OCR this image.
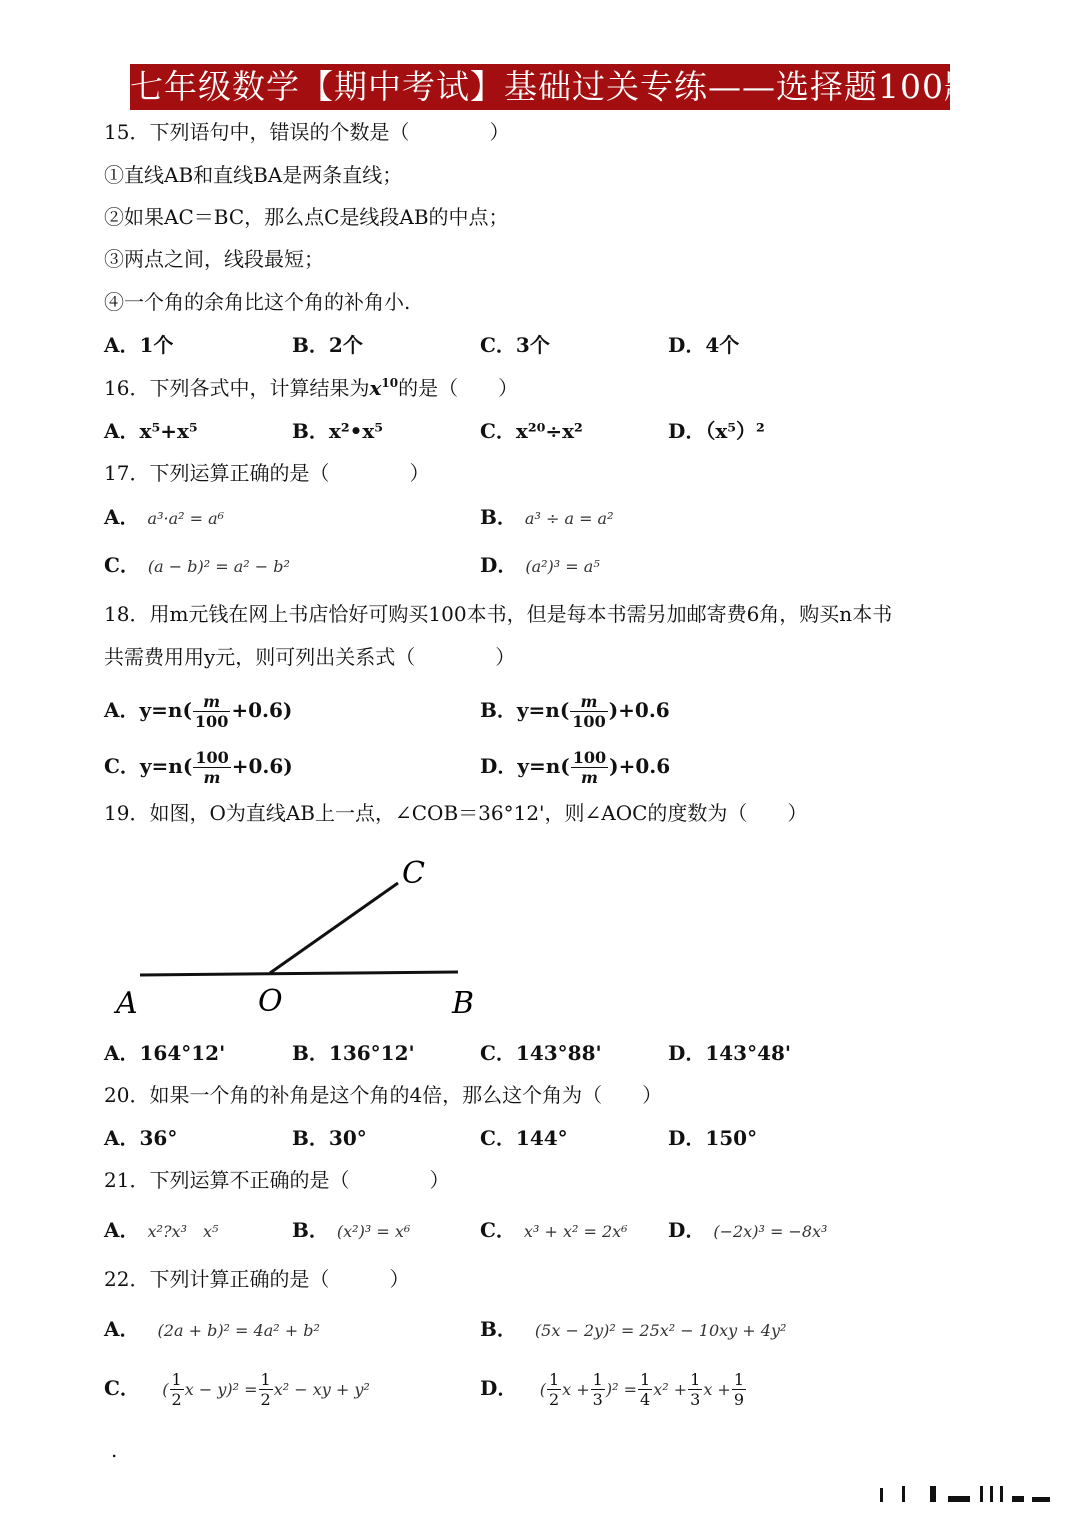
七年级数学【期中考试】基础过关专练——选择题100题
15．下列语句中，错误的个数是（　　　　）
①直线AB和直线BA是两条直线；
②如果AC＝BC，那么点C是线段AB的中点；
③两点之间，线段最短；
④一个角的余角比这个角的补角小.
A．1个	B．2个	C．3个	D．4个
16．下列各式中，计算结果为$x^{10}$的是（　　）
A．x⁵+x⁵	B．x²•x⁵	C．x²⁰÷x²	D．（x⁵）²
17．下列运算正确的是（　　　　）
A． a³·a² = a⁶	B． a³ ÷ a = a²
C． (a − b)² = a² − b²	D． (a²)³ = a⁵
18．用m元钱在网上书店恰好可购买100本书，但是每本书需另加邮寄费6角，购买n本书
共需费用用y元，则可列出关系式（　　　　）
A．$y=n( \frac{m}{100} +0.6)$	B．$y=n( \frac{m}{100} )+0.6$
C．$y=n( \frac{100}{m} +0.6)$	D．$y=n( \frac{100}{m} )+0.6$
19．如图，O为直线AB上一点，∠COB＝36°12'，则∠AOC的度数为（　　）
A	O	B
C
A．164°12'	B．136°12'	C．143°88'	D．143°48'
20．如果一个角的补角是这个角的4倍，那么这个角为（　　）
A．36°	B．30°	C．144°	D．150°
21．下列运算不正确的是（　　　　）
A． x²?x³　x⁵	B． (x²)³ = x⁶	C． x³ + x² = 2x⁶ D． (−2x)³ = −8x³
22．下列计算正确的是（　　　）
A． (2a + b)² = 4a² + b²	B． (5x − 2y)² = 25x² − 10xy + 4y²
C． ( $\frac{1}{2}$ $x - y)^2 = \frac{1}{2} x^2$ − xy + y²	D． ( $\frac{1}{2}$ $x + \frac{1}{3} )^2 = \frac{1}{4} x^2 + \frac{1}{3}$ $x + \frac{1}{9}$
.
